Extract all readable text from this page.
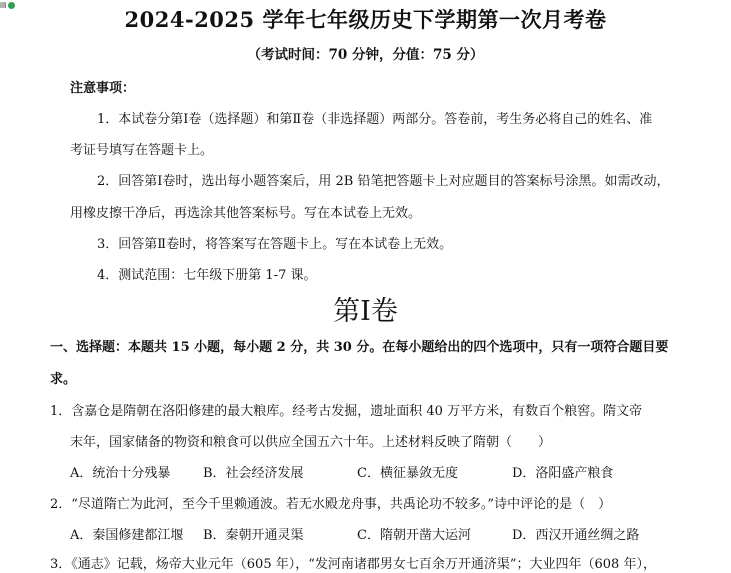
▤
2024-2025 学年七年级历史下学期第一次月考卷
（考试时间：70 分钟，分值：75 分）
注意事项：
1．本试卷分第Ⅰ卷（选择题）和第Ⅱ卷（非选择题）两部分。答卷前，考生务必将自己的姓名、准
考证号填写在答题卡上。
2．回答第Ⅰ卷时，选出每小题答案后，用 2B 铅笔把答题卡上对应题目的答案标号涂黑。如需改动，
用橡皮擦干净后，再选涂其他答案标号。写在本试卷上无效。
3．回答第Ⅱ卷时，将答案写在答题卡上。写在本试卷上无效。
4．测试范围：七年级下册第 1-7 课。
第Ⅰ卷
一、选择题：本题共 15 小题，每小题 2 分，共 30 分。在每小题给出的四个选项中，只有一项符合题目要
求。
1．含嘉仓是隋朝在洛阳修建的最大粮库。经考古发掘，遗址面积 40 万平方米，有数百个粮窖。隋文帝
末年，国家储备的物资和粮食可以供应全国五六十年。上述材料反映了隋朝（　　）
A．统治十分残暴	B．社会经济发展	C．横征暴敛无度	D．洛阳盛产粮食
2．“尽道隋亡为此河，至今千里赖通波。若无水殿龙舟事，共禹论功不较多。”诗中评论的是（　）
A．秦国修建都江堰 B．秦朝开通灵渠	C．隋朝开凿大运河	D．西汉开通丝绸之路
3．《通志》记载，炀帝大业元年（605 年），“发河南诸郡男女七百余万开通济渠”；大业四年（608 年），
